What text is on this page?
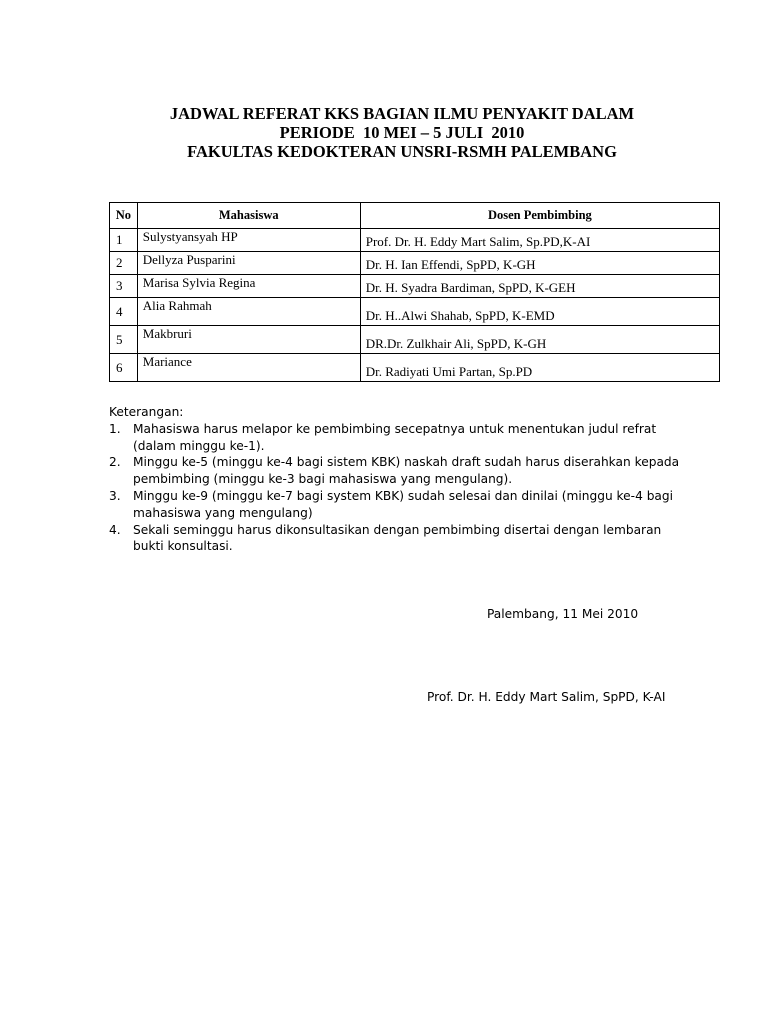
JADWAL REFERAT KKS BAGIAN ILMU PENYAKIT DALAM
PERIODE  10 MEI – 5 JULI  2010
FAKULTAS KEDOKTERAN UNSRI-RSMH PALEMBANG
No	Mahasiswa	Dosen Pembimbing
1	Sulystyansyah HP	Prof. Dr. H. Eddy Mart Salim, Sp.PD,K-AI
2	Dellyza Pusparini	Dr. H. Ian Effendi, SpPD, K-GH
3	Marisa Sylvia Regina	Dr. H. Syadra Bardiman, SpPD, K-GEH
4	Alia Rahmah	Dr. H..Alwi Shahab, SpPD, K-EMD
5	Makbruri	DR.Dr. Zulkhair Ali, SpPD, K-GH
6	Mariance	Dr. Radiyati Umi Partan, Sp.PD
Keterangan:
1. Mahasiswa harus melapor ke pembimbing secepatnya untuk menentukan judul refrat
(dalam minggu ke-1).
2. Minggu ke-5 (minggu ke-4 bagi sistem KBK) naskah draft sudah harus diserahkan kepada
pembimbing (minggu ke-3 bagi mahasiswa yang mengulang).
3. Minggu ke-9 (minggu ke-7 bagi system KBK) sudah selesai dan dinilai (minggu ke-4 bagi
mahasiswa yang mengulang)
4. Sekali seminggu harus dikonsultasikan dengan pembimbing disertai dengan lembaran
bukti konsultasi.
Palembang, 11 Mei 2010
Prof. Dr. H. Eddy Mart Salim, SpPD, K-AI
